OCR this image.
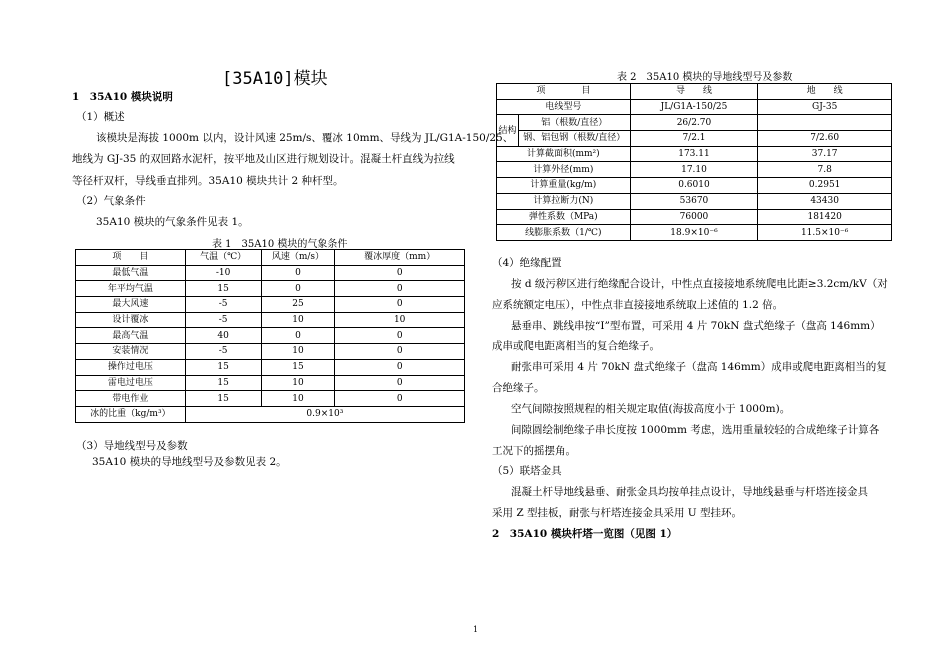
[35A10]模块
1　35A10 模块说明
（1）概述
该模块是海拔 1000m 以内，设计风速 25m/s、覆冰 10mm、导线为 JL/G1A-150/25、
地线为 GJ-35 的双回路水泥杆，按平地及山区进行规划设计。混凝土杆直线为拉线
等径杆双杆，导线垂直排列。35A10 模块共计 2 种杆型。
（2）气象条件
35A10 模块的气象条件见表 1。
表 1　35A10 模块的气象条件
项　　目	气温（℃）	风速（m/s）	覆冰厚度（mm）
最低气温	-10	0	0
年平均气温	15	0	0
最大风速	-5	25	0
设计覆冰	-5	10	10
最高气温	40	0	0
安装情况	-5	10	0
操作过电压	15	15	0
雷电过电压	15	10	0
带电作业	15	10	0
冰的比重（kg/m³）	0.9×10³		
（3）导地线型号及参数
35A10 模块的导地线型号及参数见表 2。
表 2　35A10 模块的导地线型号及参数
项　　　　目		导　　线	地　　线
电线型号		JL/G1A-150/25	GJ-35
结构	铝（根数/直径）	26/2.70	
	钢、铝包钢（根数/直径）	7/2.1	7/2.60
计算截面积(mm²)		173.11	37.17
计算外径(mm)		17.10	7.8
计算重量(kg/m)		0.6010	0.2951
计算拉断力(N)		53670	43430
弹性系数（MPa)		76000	181420
线膨胀系数（1/℃)		18.9×10⁻⁶	11.5×10⁻⁶
（4）绝缘配置
按 d 级污秽区进行绝缘配合设计，中性点直接接地系统爬电比距≥3.2cm/kV（对
应系统额定电压），中性点非直接接地系统取上述值的 1.2 倍。
悬垂串、跳线串按“I”型布置，可采用 4 片 70kN 盘式绝缘子（盘高 146mm）
成串或爬电距离相当的复合绝缘子。
耐张串可采用 4 片 70kN 盘式绝缘子（盘高 146mm）成串或爬电距离相当的复
合绝缘子。
空气间隙按照规程的相关规定取值(海拔高度小于 1000m)。
间隙圆绘制绝缘子串长度按 1000mm 考虑，选用重量较轻的合成绝缘子计算各
工况下的摇摆角。
（5）联塔金具
混凝土杆导地线悬垂、耐张金具均按单挂点设计，导地线悬垂与杆塔连接金具
采用 Z 型挂板，耐张与杆塔连接金具采用 U 型挂环。
2　35A10 模块杆塔一览图（见图 1）
1
